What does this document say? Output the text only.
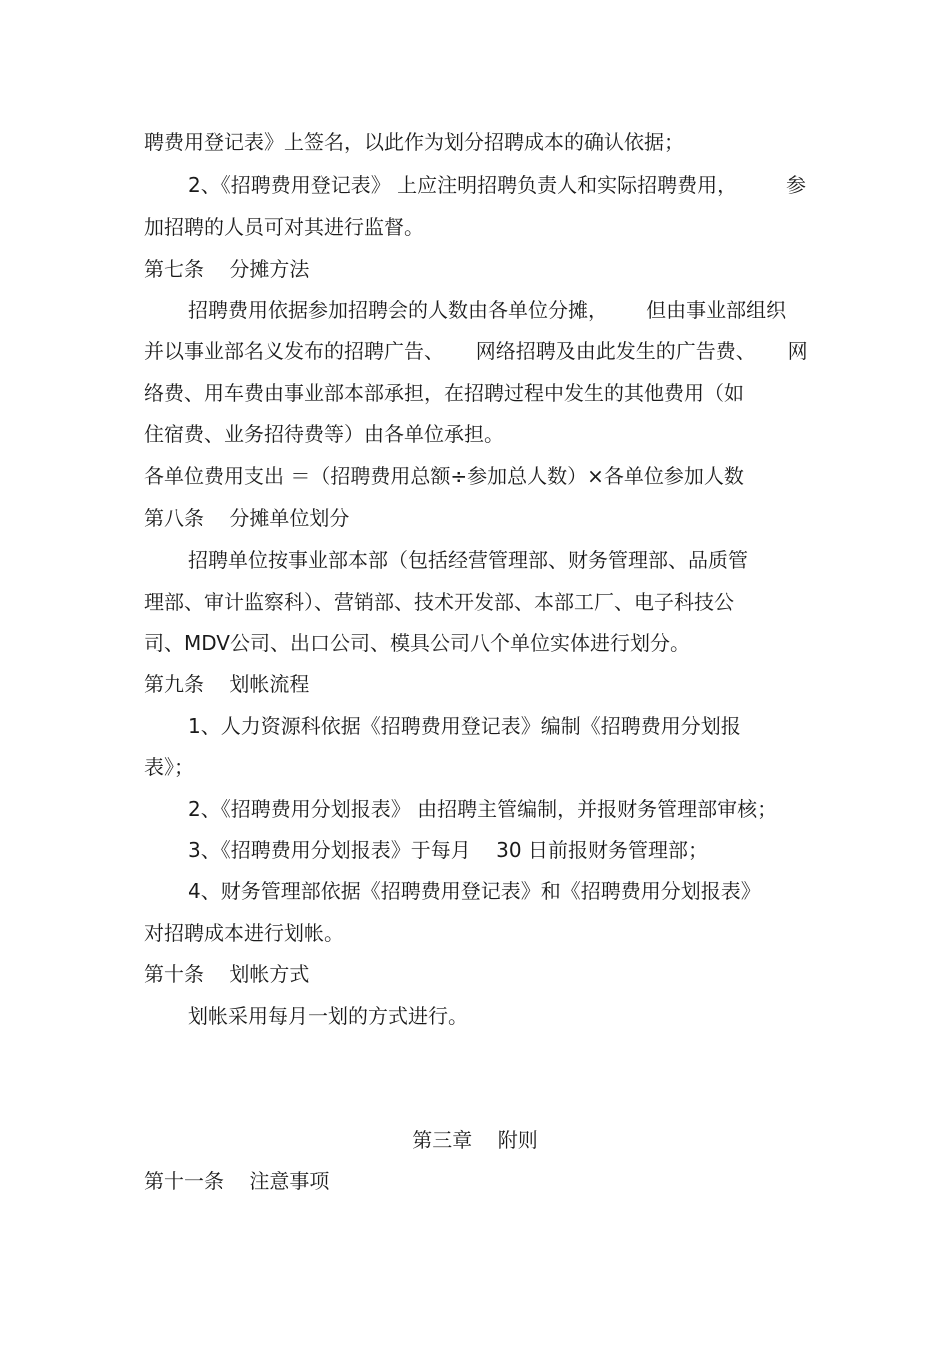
聘费用登记表》上签名，以此作为划分招聘成本的确认依据；
2、《招聘费用登记表》 上应注明招聘负责人和实际招聘费用， 参
加招聘的人员可对其进行监督。
第七条    分摊方法
招聘费用依据参加招聘会的人数由各单位分摊，      但由事业部组织
并以事业部名义发布的招聘广告、     网络招聘及由此发生的广告费、     网
络费、用车费由事业部本部承担，在招聘过程中发生的其他费用（如
住宿费、业务招待费等）由各单位承担。
各单位费用支出 ＝（招聘费用总额÷参加总人数）×各单位参加人数
第八条    分摊单位划分
招聘单位按事业部本部（包括经营管理部、财务管理部、品质管
理部、审计监察科）、营销部、技术开发部、本部工厂、电子科技公
司、MDV公司、出口公司、模具公司八个单位实体进行划分。
第九条    划帐流程
1、人力资源科依据《招聘费用登记表》编制《招聘费用分划报
表》；
2、《招聘费用分划报表》 由招聘主管编制，并报财务管理部审核；
3、《招聘费用分划报表》于每月    30 日前报财务管理部；
4、财务管理部依据《招聘费用登记表》和《招聘费用分划报表》
对招聘成本进行划帐。
第十条    划帐方式
划帐采用每月一划的方式进行。
第三章    附则
第十一条    注意事项
